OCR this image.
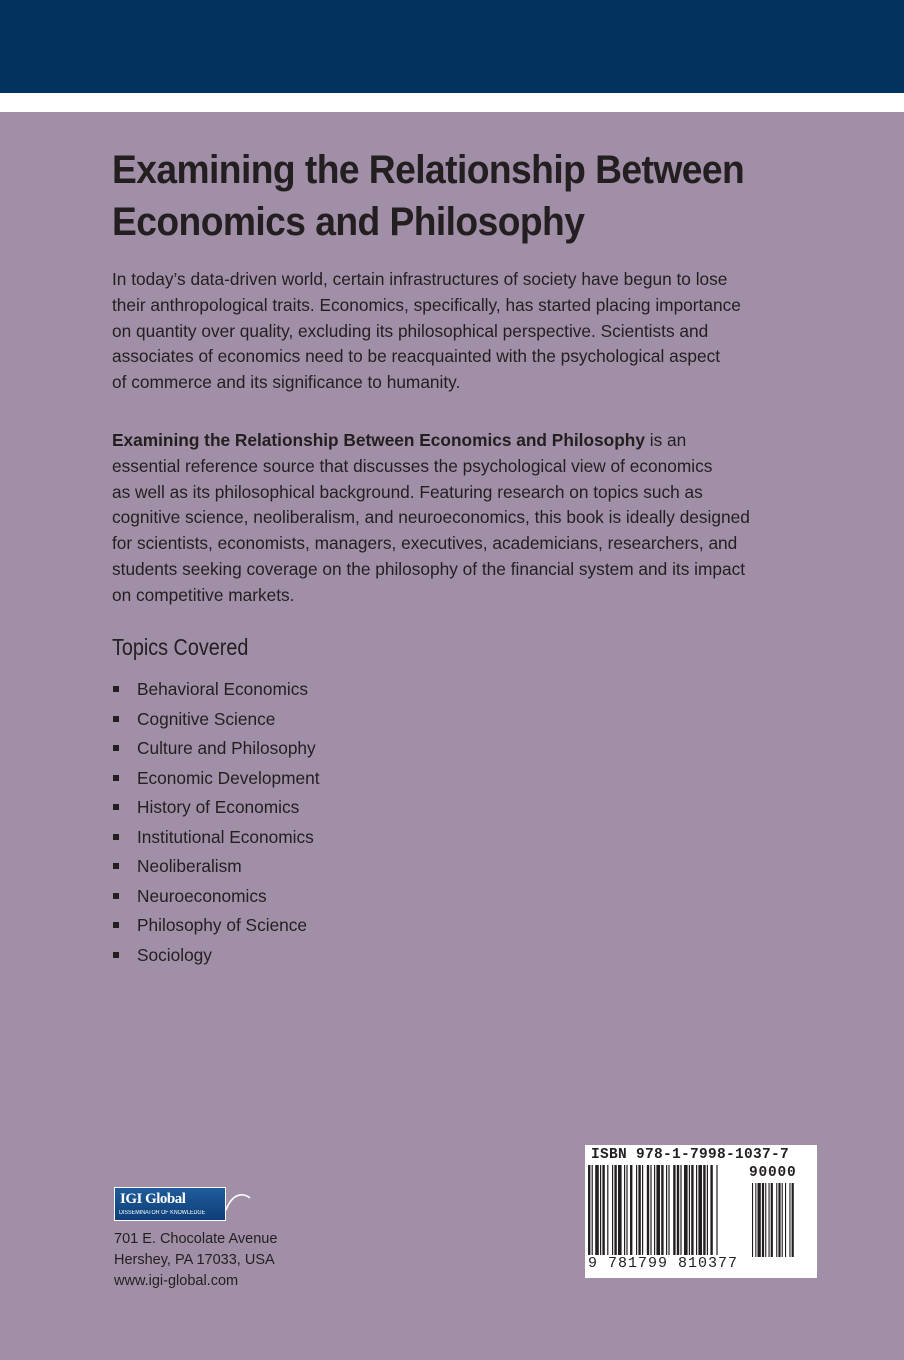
Examining the Relationship Between
Economics and Philosophy
In today’s data-driven world, certain infrastructures of society have begun to lose
their anthropological traits. Economics, specifically, has started placing importance
on quantity over quality, excluding its philosophical perspective. Scientists and
associates of economics need to be reacquainted with the psychological aspect
of commerce and its significance to humanity.
Examining the Relationship Between Economics and Philosophy is an
essential reference source that discusses the psychological view of economics
as well as its philosophical background. Featuring research on topics such as
cognitive science, neoliberalism, and neuroeconomics, this book is ideally designed
for scientists, economists, managers, executives, academicians, researchers, and
students seeking coverage on the philosophy of the financial system and its impact
on competitive markets.
Topics Covered
Behavioral Economics
Cognitive Science
Culture and Philosophy
Economic Development
History of Economics
Institutional Economics
Neoliberalism
Neuroeconomics
Philosophy of Science
Sociology
IGI Global
DISSEMINATOR OF KNOWLEDGE
701 E. Chocolate Avenue
Hershey, PA 17033, USA
www.igi-global.com
ISBN 978-1-7998-1037-7
90000
9 781799 810377
